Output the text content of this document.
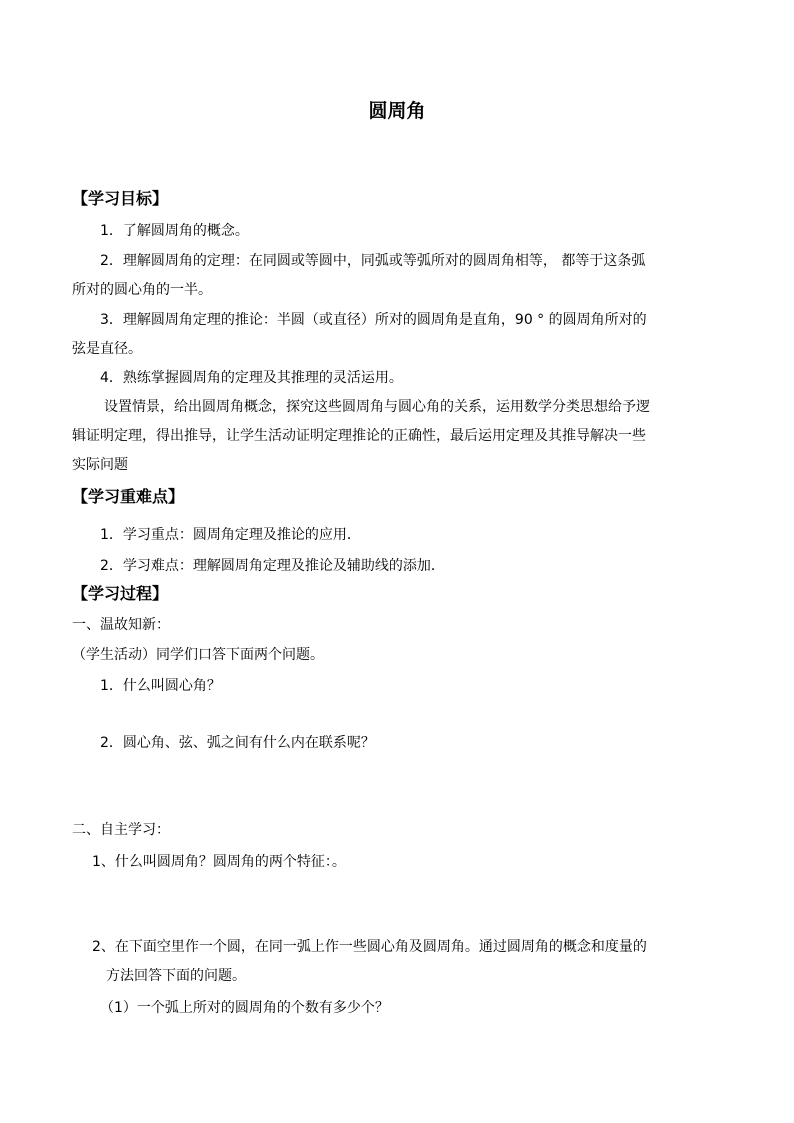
圆周角
【学习目标】
1．了解圆周角的概念。
2．理解圆周角的定理：在同圆或等圆中，同弧或等弧所对的圆周角相等， 都等于这条弧
所对的圆心角的一半。
3．理解圆周角定理的推论：半圆（或直径）所对的圆周角是直角，90 ° 的圆周角所对的
弦是直径。
4．熟练掌握圆周角的定理及其推理的灵活运用。
设置情景，给出圆周角概念，探究这些圆周角与圆心角的关系，运用数学分类思想给予逻
辑证明定理，得出推导，让学生活动证明定理推论的正确性，最后运用定理及其推导解决一些
实际问题
【学习重难点】
1．学习重点：圆周角定理及推论的应用．
2．学习难点：理解圆周角定理及推论及辅助线的添加．
【学习过程】
一、温故知新：
（学生活动）同学们口答下面两个问题。
1．什么叫圆心角？
2．圆心角、弦、弧之间有什么内在联系呢？
二、自主学习：
1、什么叫圆周角？圆周角的两个特征：。
2、在下面空里作一个圆，在同一弧上作一些圆心角及圆周角。通过圆周角的概念和度量的
方法回答下面的问题。
（1）一个弧上所对的圆周角的个数有多少个？
